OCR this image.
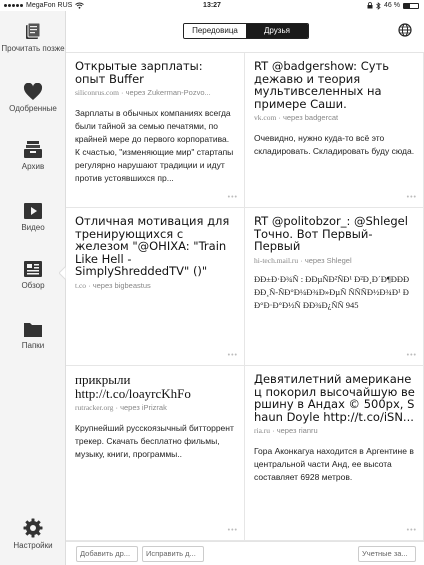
MegaFon RUS	13:27	46 %
Прочитать позже
Одобренные
Архив
Видео
Обзор
Папки
Настройки
Передовица	Друзья
Открытые зарплаты: опыт Buffer
siliconrus.com · через Zukerman-Pozvo...
Зарплаты в обычных компаниях всегда были тайной за семью печатями, по крайней мере до первого корпоратива. К счастью, "изменяющие мир" стартапы регулярно нарушают традиции и идут против устоявшихся пр...
•••
RT @badgershow: Суть дежавю и теория мультивселенных на примере Саши.
vk.com · через badgercat
Очевидно, нужно куда-то всё это складировать. Складировать буду сюда.
•••
Отличная мотивация для тренирующихся с железом "@OHIXA: "Train Like Hell - SimplyShreddedTV" ()"
t.co · через bigbeastus
•••
RT @politobzor_: @Shlegel Точно. Вот Первый-Первый
hi-tech.mail.ru · через Shlegel
ÐÐ±Ð·Ð¾Ñ : ÐÐµÑÐ²ÑÐ¹ Ð²Ð¸Ð´Ð¶ÐÐÐÐÐ¸Ñ-ÑÐ°Ð¼Ð¾Ð»ÐµÑ ÑÑÑÐ½Ð¾Ð¹ ÐÐ°Ð·Ð°Ð½Ñ ÐÐ¾Ð¿ÑÑ 945
•••
прикрыли http://t.co/loayrcKhFo
rutracker.org · через iPrizrak
Крупнейший русскоязычный битторрент трекер. Скачать бесплатно фильмы, музыку, книги, программы..
•••
Девятилетний американец покорил высочайшую вершину в Андах © 500px, Shaun Doyle http://t.co/iSN...
ria.ru · через rianru
Гора Аконкагуа находится в Аргентине в центральной части Анд, ее высота составляет 6928 метров.
•••
Добавить др...	Исправить д...	Учетные за...
